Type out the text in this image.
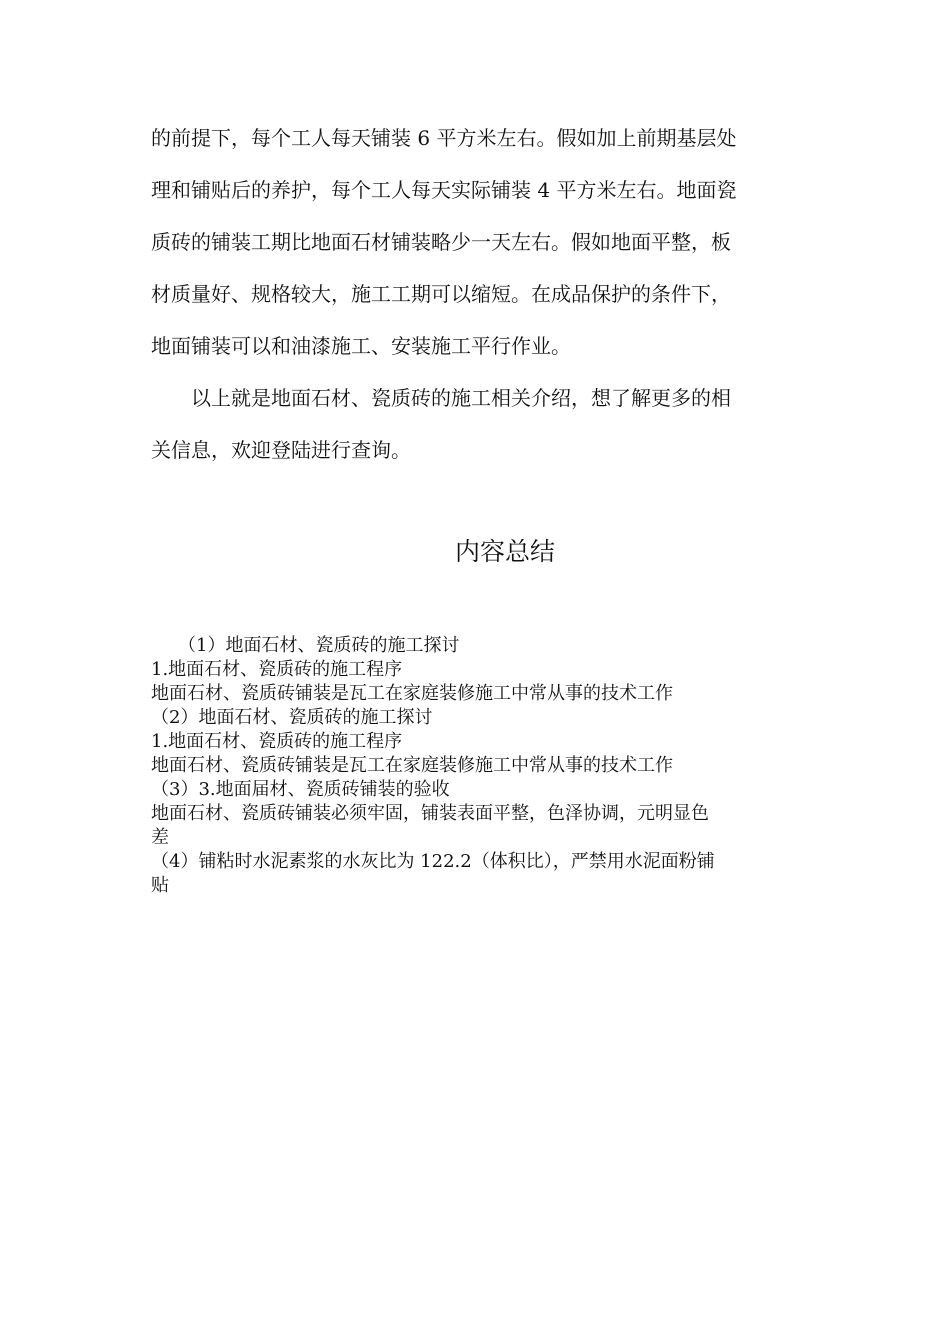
的前提下，每个工人每天铺装 6 平方米左右。假如加上前期基层处

理和铺贴后的养护，每个工人每天实际铺装 4 平方米左右。地面瓷

质砖的铺装工期比地面石材铺装略少一天左右。假如地面平整，板

材质量好、规格较大，施工工期可以缩短。在成品保护的条件下，

地面铺装可以和油漆施工、安装施工平行作业。

　　以上就是地面石材、瓷质砖的施工相关介绍，想了解更多的相

关信息，欢迎登陆进行查询。

内容总结

　　（1）地面石材、瓷质砖的施工探讨

1.地面石材、瓷质砖的施工程序

地面石材、瓷质砖铺装是瓦工在家庭装修施工中常从事的技术工作

（2）地面石材、瓷质砖的施工探讨

1.地面石材、瓷质砖的施工程序

地面石材、瓷质砖铺装是瓦工在家庭装修施工中常从事的技术工作

（3）3.地面届材、瓷质砖铺装的验收

地面石材、瓷质砖铺装必须牢固，铺装表面平整，色泽协调，元明显色

差

（4）铺粘时水泥素浆的水灰比为 122.2（体积比），严禁用水泥面粉铺

贴
